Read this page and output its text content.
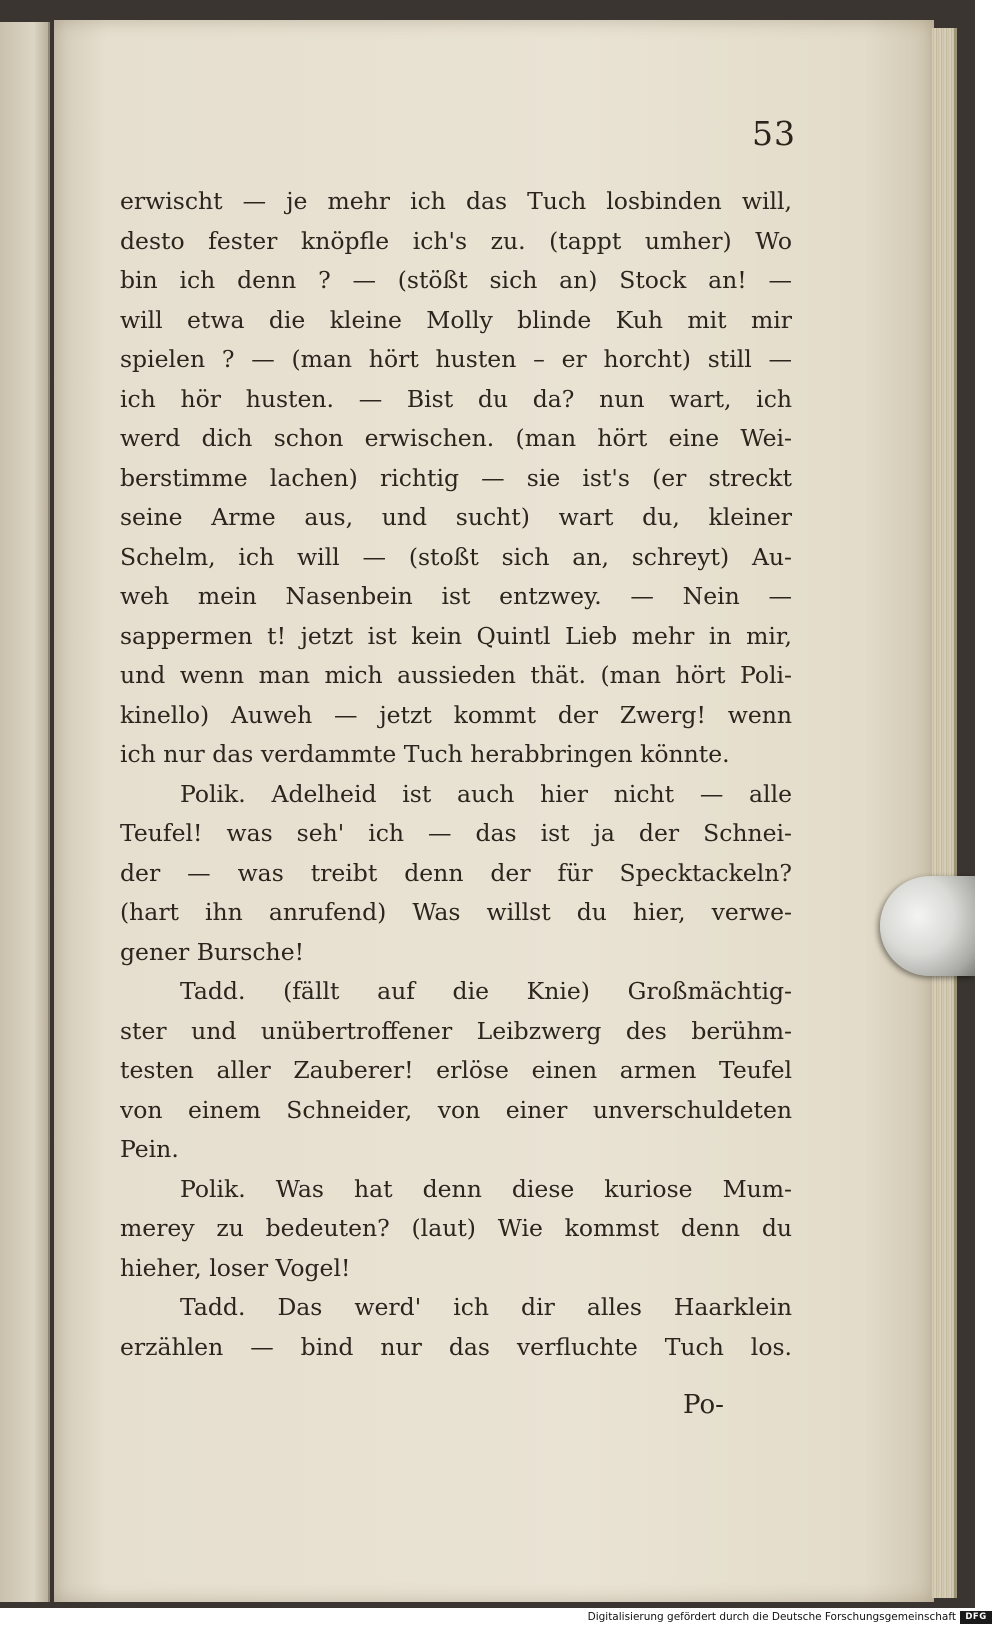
53
erwischt — je mehr ich das Tuch losbinden will,
desto fester knöpfle ich's zu. (tappt umher) Wo
bin ich denn ? — (stößt sich an) Stock an! —
will etwa die kleine Molly blinde Kuh mit mir
spielen ? — (man hört husten – er horcht) still —
ich hör husten. — Bist du da? nun wart, ich
werd dich schon erwischen. (man hört eine Wei-
berstimme lachen) richtig — sie ist's (er streckt
seine Arme aus, und sucht) wart du, kleiner
Schelm, ich will — (stoßt sich an, schreyt) Au-
weh mein Nasenbein ist entzwey. — Nein —
sappermen t! jetzt ist kein Quintl Lieb mehr in mir,
und wenn man mich aussieden thät. (man hört Poli-
kinello) Auweh — jetzt kommt der Zwerg! wenn
ich nur das verdammte Tuch herabbringen könnte.
Polik. Adelheid ist auch hier nicht — alle
Teufel! was seh' ich — das ist ja der Schnei-
der — was treibt denn der für Specktackeln?
(hart ihn anrufend) Was willst du hier, verwe-
gener Bursche!
Tadd. (fällt auf die Knie) Großmächtig-
ster und unübertroffener Leibzwerg des berühm-
testen aller Zauberer! erlöse einen armen Teufel
von einem Schneider, von einer unverschuldeten
Pein.
Polik. Was hat denn diese kuriose Mum-
merey zu bedeuten? (laut) Wie kommst denn du
hieher, loser Vogel!
Tadd. Das werd' ich dir alles Haarklein
erzählen — bind nur das verfluchte Tuch los.
Po-
Digitalisierung gefördert durch die Deutsche Forschungsgemeinschaft	DFG
